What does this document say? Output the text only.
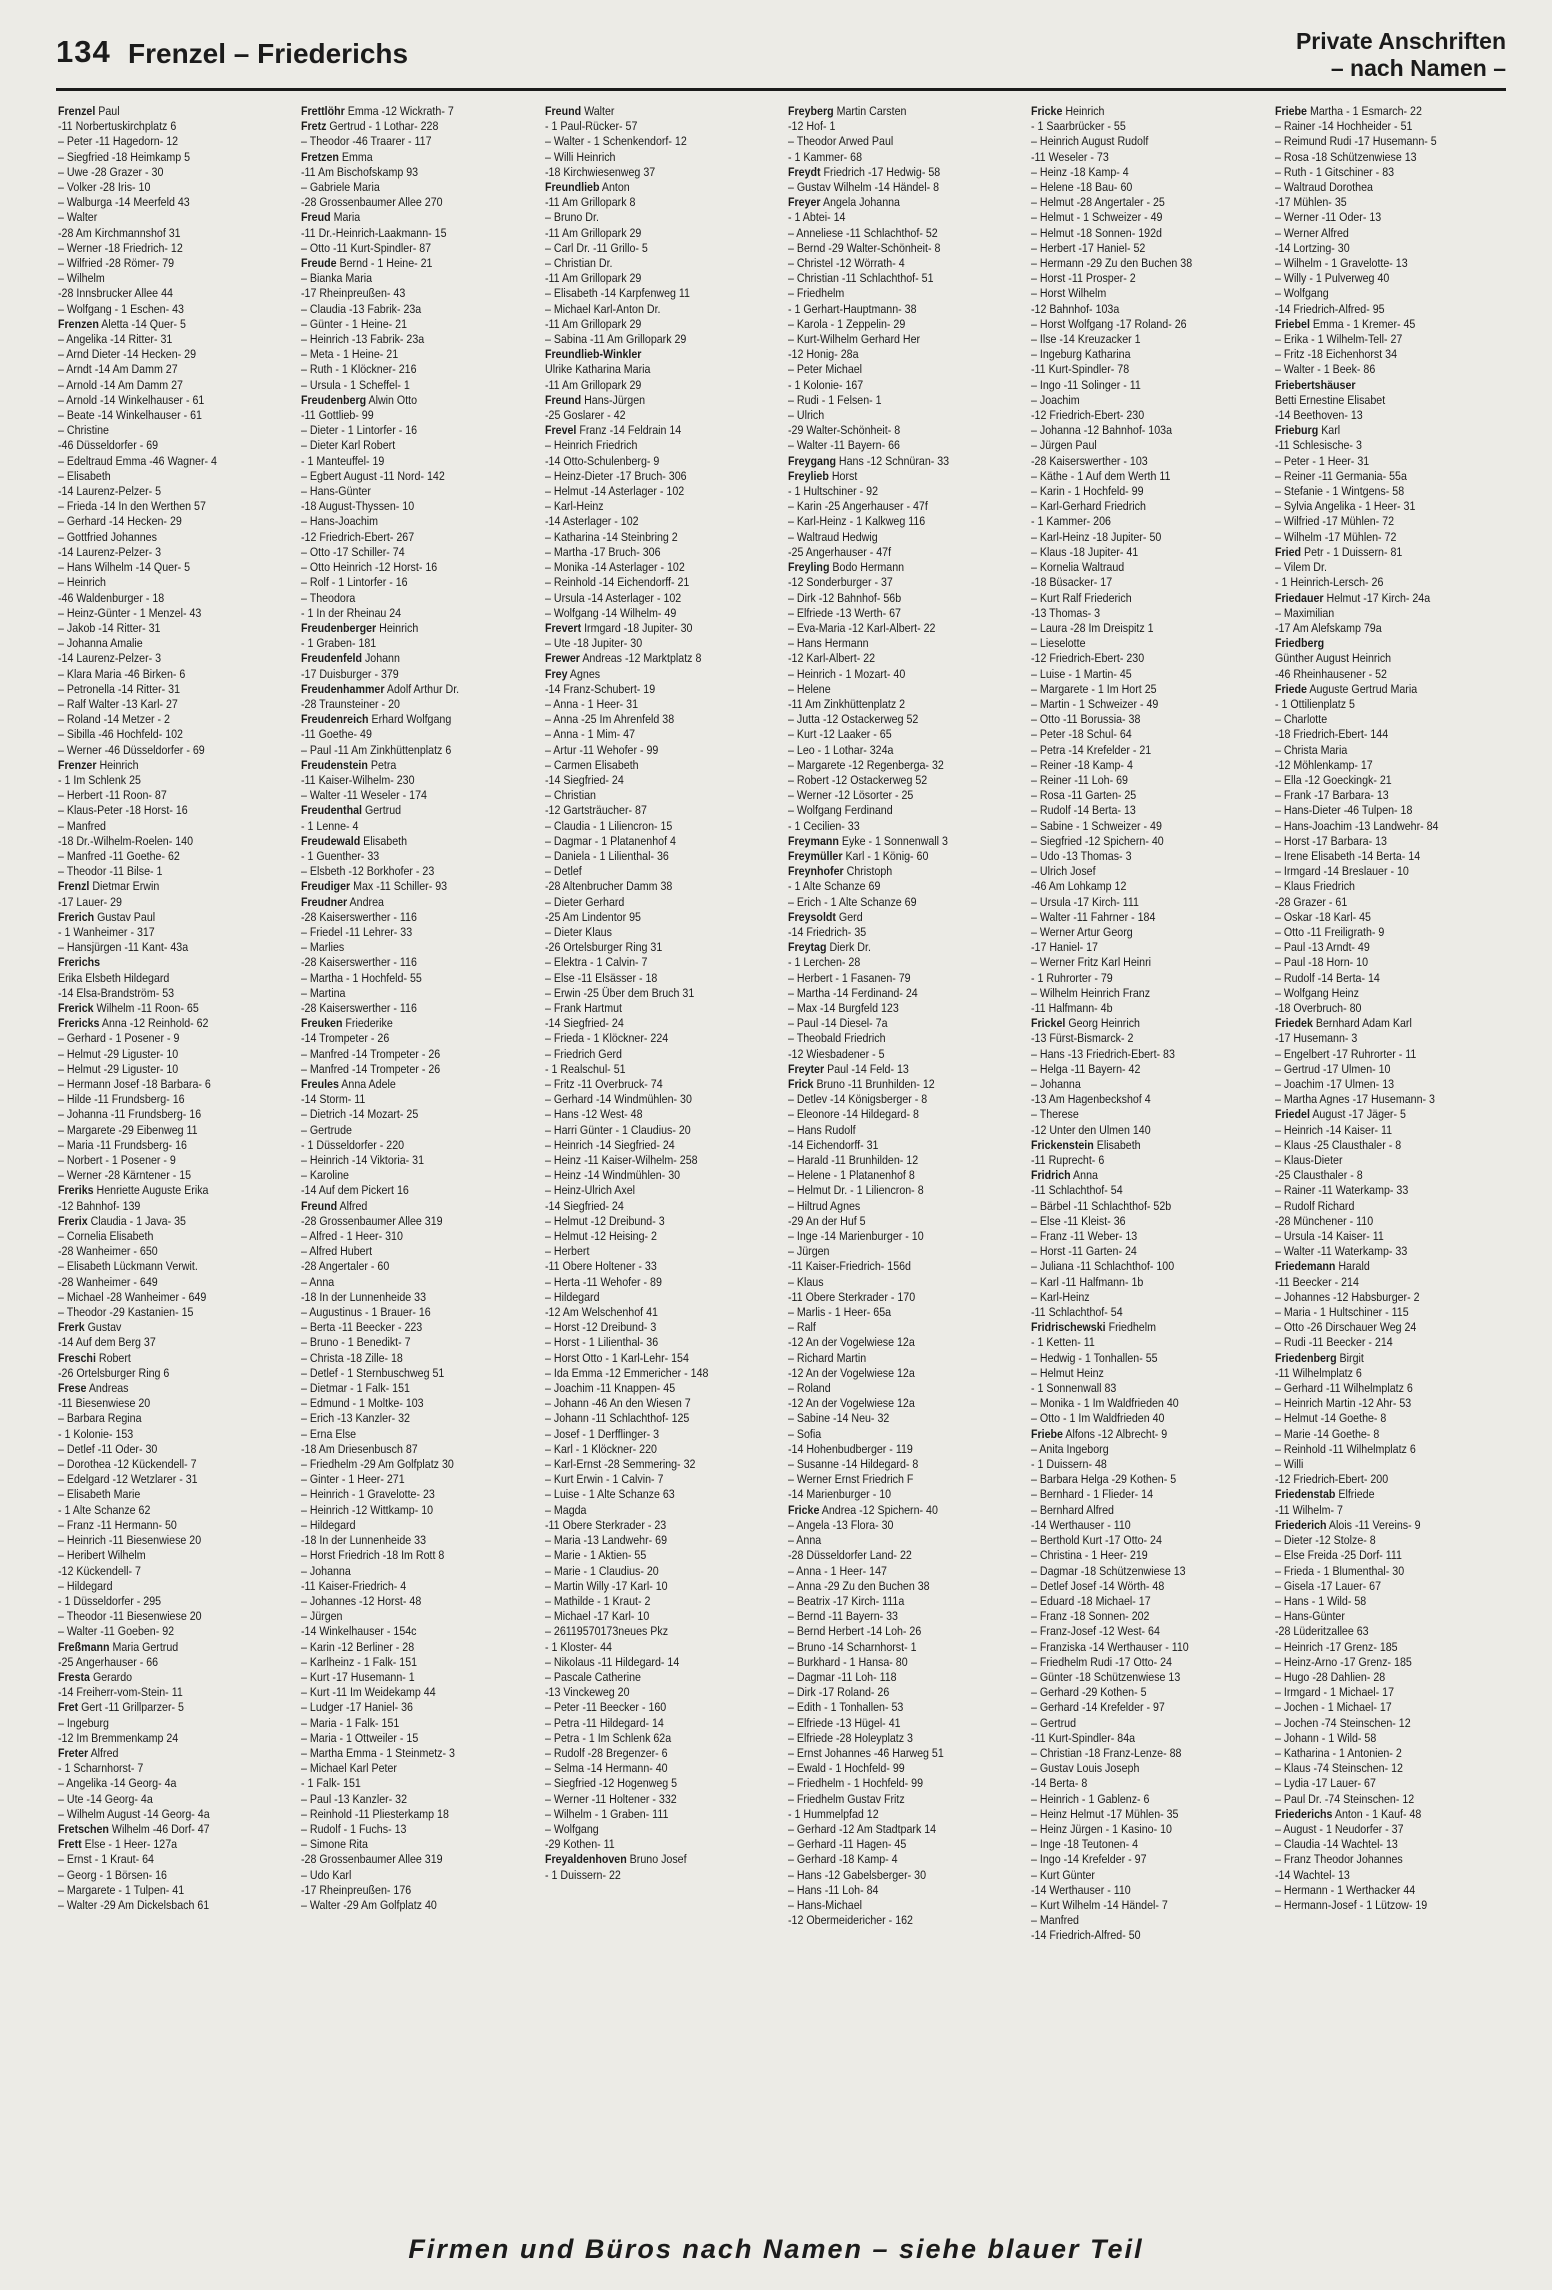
134 Frenzel – Friederichs	Private Anschriften
– nach Namen –
Frenzel Paul
-11 Norbertuskirchplatz 6
– Peter -11 Hagedorn- 12
– Siegfried -18 Heimkamp 5
– Uwe -28 Grazer - 30
– Volker -28 Iris- 10
– Walburga -14 Meerfeld 43
– Walter
-28 Am Kirchmannshof 31
– Werner -18 Friedrich- 12
– Wilfried -28 Römer- 79
– Wilhelm
-28 Innsbrucker Allee 44
– Wolfgang - 1 Eschen- 43
Frenzen Aletta -14 Quer- 5
– Angelika -14 Ritter- 31
– Arnd Dieter -14 Hecken- 29
– Arndt -14 Am Damm 27
– Arnold -14 Am Damm 27
– Arnold -14 Winkelhauser - 61
– Beate -14 Winkelhauser - 61
– Christine
-46 Düsseldorfer - 69
– Edeltraud Emma -46 Wagner- 4
– Elisabeth
-14 Laurenz-Pelzer- 5
– Frieda -14 In den Werthen 57
– Gerhard -14 Hecken- 29
– Gottfried Johannes
-14 Laurenz-Pelzer- 3
– Hans Wilhelm -14 Quer- 5
– Heinrich
-46 Waldenburger - 18
– Heinz-Günter - 1 Menzel- 43
– Jakob -14 Ritter- 31
– Johanna Amalie
-14 Laurenz-Pelzer- 3
– Klara Maria -46 Birken- 6
– Petronella -14 Ritter- 31
– Ralf Walter -13 Karl- 27
– Roland -14 Metzer - 2
– Sibilla -46 Hochfeld- 102
– Werner -46 Düsseldorfer - 69
Frenzer Heinrich
- 1 Im Schlenk 25
– Herbert -11 Roon- 87
– Klaus-Peter -18 Horst- 16
– Manfred
-18 Dr.-Wilhelm-Roelen- 140
– Manfred -11 Goethe- 62
– Theodor -11 Bilse- 1
Frenzl Dietmar Erwin
-17 Lauer- 29
Frerich Gustav Paul
- 1 Wanheimer - 317
– Hansjürgen -11 Kant- 43a
Frerichs
Erika Elsbeth Hildegard
-14 Elsa-Brandström- 53
Frerick Wilhelm -11 Roon- 65
Frericks Anna -12 Reinhold- 62
– Gerhard - 1 Posener - 9
– Helmut -29 Liguster- 10
– Helmut -29 Liguster- 10
– Hermann Josef -18 Barbara- 6
– Hilde -11 Frundsberg- 16
– Johanna -11 Frundsberg- 16
– Margarete -29 Eibenweg 11
– Maria -11 Frundsberg- 16
– Norbert - 1 Posener - 9
– Werner -28 Kärntener - 15
Freriks Henriette Auguste Erika
-12 Bahnhof- 139
Frerix Claudia - 1 Java- 35
– Cornelia Elisabeth
-28 Wanheimer - 650
– Elisabeth Lückmann Verwit.
-28 Wanheimer - 649
– Michael -28 Wanheimer - 649
– Theodor -29 Kastanien- 15
Frerk Gustav
-14 Auf dem Berg 37
Freschi Robert
-26 Ortelsburger Ring 6
Frese Andreas
-11 Biesenwiese 20
– Barbara Regina
- 1 Kolonie- 153
– Detlef -11 Oder- 30
– Dorothea -12 Kückendell- 7
– Edelgard -12 Wetzlarer - 31
– Elisabeth Marie
- 1 Alte Schanze 62
– Franz -11 Hermann- 50
– Heinrich -11 Biesenwiese 20
– Heribert Wilhelm
-12 Kückendell- 7
– Hildegard
- 1 Düsseldorfer - 295
– Theodor -11 Biesenwiese 20
– Walter -11 Goeben- 92
Freßmann Maria Gertrud
-25 Angerhauser - 66
Fresta Gerardo
-14 Freiherr-vom-Stein- 11
Fret Gert -11 Grillparzer- 5
– Ingeburg
-12 Im Bremmenkamp 24
Freter Alfred
- 1 Scharnhorst- 7
– Angelika -14 Georg- 4a
– Ute -14 Georg- 4a
– Wilhelm August -14 Georg- 4a
Fretschen Wilhelm -46 Dorf- 47
Frett Else - 1 Heer- 127a
– Ernst - 1 Kraut- 64
– Georg - 1 Börsen- 16
– Margarete - 1 Tulpen- 41
– Walter -29 Am Dickelsbach 61
Frettlöhr Emma -12 Wickrath- 7
Fretz Gertrud - 1 Lothar- 228
– Theodor -46 Traarer - 117
Fretzen Emma
-11 Am Bischofskamp 93
– Gabriele Maria
-28 Grossenbaumer Allee 270
Freud Maria
-11 Dr.-Heinrich-Laakmann- 15
– Otto -11 Kurt-Spindler- 87
Freude Bernd - 1 Heine- 21
– Bianka Maria
-17 Rheinpreußen- 43
– Claudia -13 Fabrik- 23a
– Günter - 1 Heine- 21
– Heinrich -13 Fabrik- 23a
– Meta - 1 Heine- 21
– Ruth - 1 Klöckner- 216
– Ursula - 1 Scheffel- 1
Freudenberg Alwin Otto
-11 Gottlieb- 99
– Dieter - 1 Lintorfer - 16
– Dieter Karl Robert
- 1 Manteuffel- 19
– Egbert August -11 Nord- 142
– Hans-Günter
-18 August-Thyssen- 10
– Hans-Joachim
-12 Friedrich-Ebert- 267
– Otto -17 Schiller- 74
– Otto Heinrich -12 Horst- 16
– Rolf - 1 Lintorfer - 16
– Theodora
- 1 In der Rheinau 24
Freudenberger Heinrich
- 1 Graben- 181
Freudenfeld Johann
-17 Duisburger - 379
Freudenhammer Adolf Arthur Dr.
-28 Traunsteiner - 20
Freudenreich Erhard Wolfgang
-11 Goethe- 49
– Paul -11 Am Zinkhüttenplatz 6
Freudenstein Petra
-11 Kaiser-Wilhelm- 230
– Walter -11 Weseler - 174
Freudenthal Gertrud
- 1 Lenne- 4
Freudewald Elisabeth
- 1 Guenther- 33
– Elsbeth -12 Borkhofer - 23
Freudiger Max -11 Schiller- 93
Freudner Andrea
-28 Kaiserswerther - 116
– Friedel -11 Lehrer- 33
– Marlies
-28 Kaiserswerther - 116
– Martha - 1 Hochfeld- 55
– Martina
-28 Kaiserswerther - 116
Freuken Friederike
-14 Trompeter - 26
– Manfred -14 Trompeter - 26
– Manfred -14 Trompeter - 26
Freules Anna Adele
-14 Storm- 11
– Dietrich -14 Mozart- 25
– Gertrude
- 1 Düsseldorfer - 220
– Heinrich -14 Viktoria- 31
– Karoline
-14 Auf dem Pickert 16
Freund Alfred
-28 Grossenbaumer Allee 319
– Alfred - 1 Heer- 310
– Alfred Hubert
-28 Angertaler - 60
– Anna
-18 In der Lunnenheide 33
– Augustinus - 1 Brauer- 16
– Berta -11 Beecker - 223
– Bruno - 1 Benedikt- 7
– Christa -18 Zille- 18
– Detlef - 1 Sternbuschweg 51
– Dietmar - 1 Falk- 151
– Edmund - 1 Moltke- 103
– Erich -13 Kanzler- 32
– Erna Else
-18 Am Driesenbusch 87
– Friedhelm -29 Am Golfplatz 30
– Ginter - 1 Heer- 271
– Heinrich - 1 Gravelotte- 23
– Heinrich -12 Wittkamp- 10
– Hildegard
-18 In der Lunnenheide 33
– Horst Friedrich -18 Im Rott 8
– Johanna
-11 Kaiser-Friedrich- 4
– Johannes -12 Horst- 48
– Jürgen
-14 Winkelhauser - 154c
– Karin -12 Berliner - 28
– Karlheinz - 1 Falk- 151
– Kurt -17 Husemann- 1
– Kurt -11 Im Weidekamp 44
– Ludger -17 Haniel- 36
– Maria - 1 Falk- 151
– Maria - 1 Ottweiler - 15
– Martha Emma - 1 Steinmetz- 3
– Michael Karl Peter
- 1 Falk- 151
– Paul -13 Kanzler- 32
– Reinhold -11 Pliesterkamp 18
– Rudolf - 1 Fuchs- 13
– Simone Rita
-28 Grossenbaumer Allee 319
– Udo Karl
-17 Rheinpreußen- 176
– Walter -29 Am Golfplatz 40
Freund Walter
- 1 Paul-Rücker- 57
– Walter - 1 Schenkendorf- 12
– Willi Heinrich
-18 Kirchwiesenweg 37
Freundlieb Anton
-11 Am Grillopark 8
– Bruno Dr.
-11 Am Grillopark 29
– Carl Dr. -11 Grillo- 5
– Christian Dr.
-11 Am Grillopark 29
– Elisabeth -14 Karpfenweg 11
– Michael Karl-Anton Dr.
-11 Am Grillopark 29
– Sabina -11 Am Grillopark 29
Freundlieb-Winkler
Ulrike Katharina Maria
-11 Am Grillopark 29
Freund Hans-Jürgen
-25 Goslarer - 42
Frevel Franz -14 Feldrain 14
– Heinrich Friedrich
-14 Otto-Schulenberg- 9
– Heinz-Dieter -17 Bruch- 306
– Helmut -14 Asterlager - 102
– Karl-Heinz
-14 Asterlager - 102
– Katharina -14 Steinbring 2
– Martha -17 Bruch- 306
– Monika -14 Asterlager - 102
– Reinhold -14 Eichendorff- 21
– Ursula -14 Asterlager - 102
– Wolfgang -14 Wilhelm- 49
Frevert Irmgard -18 Jupiter- 30
– Ute -18 Jupiter- 30
Frewer Andreas -12 Marktplatz 8
Frey Agnes
-14 Franz-Schubert- 19
– Anna - 1 Heer- 31
– Anna -25 Im Ahrenfeld 38
– Anna - 1 Mim- 47
– Artur -11 Wehofer - 99
– Carmen Elisabeth
-14 Siegfried- 24
– Christian
-12 Gartsträucher- 87
– Claudia - 1 Liliencron- 15
– Dagmar - 1 Platanenhof 4
– Daniela - 1 Lilienthal- 36
– Detlef
-28 Altenbrucher Damm 38
– Dieter Gerhard
-25 Am Lindentor 95
– Dieter Klaus
-26 Ortelsburger Ring 31
– Elektra - 1 Calvin- 7
– Else -11 Elsässer - 18
– Erwin -25 Über dem Bruch 31
– Frank Hartmut
-14 Siegfried- 24
– Frieda - 1 Klöckner- 224
– Friedrich Gerd
- 1 Realschul- 51
– Fritz -11 Overbruck- 74
– Gerhard -14 Windmühlen- 30
– Hans -12 West- 48
– Harri Günter - 1 Claudius- 20
– Heinrich -14 Siegfried- 24
– Heinz -11 Kaiser-Wilhelm- 258
– Heinz -14 Windmühlen- 30
– Heinz-Ulrich Axel
-14 Siegfried- 24
– Helmut -12 Dreibund- 3
– Helmut -12 Heising- 2
– Herbert
-11 Obere Holtener - 33
– Herta -11 Wehofer - 89
– Hildegard
-12 Am Welschenhof 41
– Horst -12 Dreibund- 3
– Horst - 1 Lilienthal- 36
– Horst Otto - 1 Karl-Lehr- 154
– Ida Emma -12 Emmericher - 148
– Joachim -11 Knappen- 45
– Johann -46 An den Wiesen 7
– Johann -11 Schlachthof- 125
– Josef - 1 Derfflinger- 3
– Karl - 1 Klöckner- 220
– Karl-Ernst -28 Semmering- 32
– Kurt Erwin - 1 Calvin- 7
– Luise - 1 Alte Schanze 63
– Magda
-11 Obere Sterkrader - 23
– Maria -13 Landwehr- 69
– Marie - 1 Aktien- 55
– Marie - 1 Claudius- 20
– Martin Willy -17 Karl- 10
– Mathilde - 1 Kraut- 2
– Michael -17 Karl- 10
– 26119570173neues Pkz
- 1 Kloster- 44
– Nikolaus -11 Hildegard- 14
– Pascale Catherine
-13 Vinckeweg 20
– Peter -11 Beecker - 160
– Petra -11 Hildegard- 14
– Petra - 1 Im Schlenk 62a
– Rudolf -28 Bregenzer- 6
– Selma -14 Hermann- 40
– Siegfried -12 Hogenweg 5
– Werner -11 Holtener - 332
– Wilhelm - 1 Graben- 111
– Wolfgang
-29 Kothen- 11
Freyaldenhoven Bruno Josef
- 1 Duissern- 22
Freyberg Martin Carsten
-12 Hof- 1
– Theodor Arwed Paul
- 1 Kammer- 68
Freydt Friedrich -17 Hedwig- 58
– Gustav Wilhelm -14 Händel- 8
Freyer Angela Johanna
- 1 Abtei- 14
– Anneliese -11 Schlachthof- 52
– Bernd -29 Walter-Schönheit- 8
– Christel -12 Wörrath- 4
– Christian -11 Schlachthof- 51
– Friedhelm
- 1 Gerhart-Hauptmann- 38
– Karola - 1 Zeppelin- 29
– Kurt-Wilhelm Gerhard Her
-12 Honig- 28a
– Peter Michael
- 1 Kolonie- 167
– Rudi - 1 Felsen- 1
– Ulrich
-29 Walter-Schönheit- 8
– Walter -11 Bayern- 66
Freygang Hans -12 Schnüran- 33
Freylieb Horst
- 1 Hultschiner - 92
– Karin -25 Angerhauser - 47f
– Karl-Heinz - 1 Kalkweg 116
– Waltraud Hedwig
-25 Angerhauser - 47f
Freyling Bodo Hermann
-12 Sonderburger - 37
– Dirk -12 Bahnhof- 56b
– Elfriede -13 Werth- 67
– Eva-Maria -12 Karl-Albert- 22
– Hans Hermann
-12 Karl-Albert- 22
– Heinrich - 1 Mozart- 40
– Helene
-11 Am Zinkhüttenplatz 2
– Jutta -12 Ostackerweg 52
– Kurt -12 Laaker - 65
– Leo - 1 Lothar- 324a
– Margarete -12 Regenberga- 32
– Robert -12 Ostackerweg 52
– Werner -12 Lösorter - 25
– Wolfgang Ferdinand
- 1 Cecilien- 33
Freymann Eyke - 1 Sonnenwall 3
Freymüller Karl - 1 König- 60
Freynhofer Christoph
- 1 Alte Schanze 69
– Erich - 1 Alte Schanze 69
Freysoldt Gerd
-14 Friedrich- 35
Freytag Dierk Dr.
- 1 Lerchen- 28
– Herbert - 1 Fasanen- 79
– Martha -14 Ferdinand- 24
– Max -14 Burgfeld 123
– Paul -14 Diesel- 7a
– Theobald Friedrich
-12 Wiesbadener - 5
Freyter Paul -14 Feld- 13
Frick Bruno -11 Brunhilden- 12
– Detlev -14 Königsberger - 8
– Eleonore -14 Hildegard- 8
– Hans Rudolf
-14 Eichendorff- 31
– Harald -11 Brunhilden- 12
– Helene - 1 Platanenhof 8
– Helmut Dr. - 1 Liliencron- 8
– Hiltrud Agnes
-29 An der Huf 5
– Inge -14 Marienburger - 10
– Jürgen
-11 Kaiser-Friedrich- 156d
– Klaus
-11 Obere Sterkrader - 170
– Marlis - 1 Heer- 65a
– Ralf
-12 An der Vogelwiese 12a
– Richard Martin
-12 An der Vogelwiese 12a
– Roland
-12 An der Vogelwiese 12a
– Sabine -14 Neu- 32
– Sofia
-14 Hohenbudberger - 119
– Susanne -14 Hildegard- 8
– Werner Ernst Friedrich F
-14 Marienburger - 10
Fricke Andrea -12 Spichern- 40
– Angela -13 Flora- 30
– Anna
-28 Düsseldorfer Land- 22
– Anna - 1 Heer- 147
– Anna -29 Zu den Buchen 38
– Beatrix -17 Kirch- 111a
– Bernd -11 Bayern- 33
– Bernd Herbert -14 Loh- 26
– Bruno -14 Scharnhorst- 1
– Burkhard - 1 Hansa- 80
– Dagmar -11 Loh- 118
– Dirk -17 Roland- 26
– Edith - 1 Tonhallen- 53
– Elfriede -13 Hügel- 41
– Elfriede -28 Holeyplatz 3
– Ernst Johannes -46 Harweg 51
– Ewald - 1 Hochfeld- 99
– Friedhelm - 1 Hochfeld- 99
– Friedhelm Gustav Fritz
- 1 Hummelpfad 12
– Gerhard -12 Am Stadtpark 14
– Gerhard -11 Hagen- 45
– Gerhard -18 Kamp- 4
– Hans -12 Gabelsberger- 30
– Hans -11 Loh- 84
– Hans-Michael
-12 Obermeidericher - 162
Fricke Heinrich
- 1 Saarbrücker - 55
– Heinrich August Rudolf
-11 Weseler - 73
– Heinz -18 Kamp- 4
– Helene -18 Bau- 60
– Helmut -28 Angertaler - 25
– Helmut - 1 Schweizer - 49
– Helmut -18 Sonnen- 192d
– Herbert -17 Haniel- 52
– Hermann -29 Zu den Buchen 38
– Horst -11 Prosper- 2
– Horst Wilhelm
-12 Bahnhof- 103a
– Horst Wolfgang -17 Roland- 26
– Ilse -14 Kreuzacker 1
– Ingeburg Katharina
-11 Kurt-Spindler- 78
– Ingo -11 Solinger - 11
– Joachim
-12 Friedrich-Ebert- 230
– Johanna -12 Bahnhof- 103a
– Jürgen Paul
-28 Kaiserswerther - 103
– Käthe - 1 Auf dem Werth 11
– Karin - 1 Hochfeld- 99
– Karl-Gerhard Friedrich
- 1 Kammer- 206
– Karl-Heinz -18 Jupiter- 50
– Klaus -18 Jupiter- 41
– Kornelia Waltraud
-18 Büsacker- 17
– Kurt Ralf Friederich
-13 Thomas- 3
– Laura -28 Im Dreispitz 1
– Lieselotte
-12 Friedrich-Ebert- 230
– Luise - 1 Martin- 45
– Margarete - 1 Im Hort 25
– Martin - 1 Schweizer - 49
– Otto -11 Borussia- 38
– Peter -18 Schul- 64
– Petra -14 Krefelder - 21
– Reiner -18 Kamp- 4
– Reiner -11 Loh- 69
– Rosa -11 Garten- 25
– Rudolf -14 Berta- 13
– Sabine - 1 Schweizer - 49
– Siegfried -12 Spichern- 40
– Udo -13 Thomas- 3
– Ulrich Josef
-46 Am Lohkamp 12
– Ursula -17 Kirch- 111
– Walter -11 Fahrner - 184
– Werner Artur Georg
-17 Haniel- 17
– Werner Fritz Karl Heinri
- 1 Ruhrorter - 79
– Wilhelm Heinrich Franz
-11 Halfmann- 4b
Frickel Georg Heinrich
-13 Fürst-Bismarck- 2
– Hans -13 Friedrich-Ebert- 83
– Helga -11 Bayern- 42
– Johanna
-13 Am Hagenbeckshof 4
– Therese
-12 Unter den Ulmen 140
Frickenstein Elisabeth
-11 Ruprecht- 6
Fridrich Anna
-11 Schlachthof- 54
– Bärbel -11 Schlachthof- 52b
– Else -11 Kleist- 36
– Franz -11 Weber- 13
– Horst -11 Garten- 24
– Juliana -11 Schlachthof- 100
– Karl -11 Halfmann- 1b
– Karl-Heinz
-11 Schlachthof- 54
Fridrischewski Friedhelm
- 1 Ketten- 11
– Hedwig - 1 Tonhallen- 55
– Helmut Heinz
- 1 Sonnenwall 83
– Monika - 1 Im Waldfrieden 40
– Otto - 1 Im Waldfrieden 40
Friebe Alfons -12 Albrecht- 9
– Anita Ingeborg
- 1 Duissern- 48
– Barbara Helga -29 Kothen- 5
– Bernhard - 1 Flieder- 14
– Bernhard Alfred
-14 Werthauser - 110
– Berthold Kurt -17 Otto- 24
– Christina - 1 Heer- 219
– Dagmar -18 Schützenwiese 13
– Detlef Josef -14 Wörth- 48
– Eduard -18 Michael- 17
– Franz -18 Sonnen- 202
– Franz-Josef -12 West- 64
– Franziska -14 Werthauser - 110
– Friedhelm Rudi -17 Otto- 24
– Günter -18 Schützenwiese 13
– Gerhard -29 Kothen- 5
– Gerhard -14 Krefelder - 97
– Gertrud
-11 Kurt-Spindler- 84a
– Christian -18 Franz-Lenze- 88
– Gustav Louis Joseph
-14 Berta- 8
– Heinrich - 1 Gablenz- 6
– Heinz Helmut -17 Mühlen- 35
– Heinz Jürgen - 1 Kasino- 10
– Inge -18 Teutonen- 4
– Ingo -14 Krefelder - 97
– Kurt Günter
-14 Werthauser - 110
– Kurt Wilhelm -14 Händel- 7
– Manfred
-14 Friedrich-Alfred- 50
Friebe Martha - 1 Esmarch- 22
– Rainer -14 Hochheider - 51
– Reimund Rudi -17 Husemann- 5
– Rosa -18 Schützenwiese 13
– Ruth - 1 Gitschiner - 83
– Waltraud Dorothea
-17 Mühlen- 35
– Werner -11 Oder- 13
– Werner Alfred
-14 Lortzing- 30
– Wilhelm - 1 Gravelotte- 13
– Willy - 1 Pulverweg 40
– Wolfgang
-14 Friedrich-Alfred- 95
Friebel Emma - 1 Kremer- 45
– Erika - 1 Wilhelm-Tell- 27
– Fritz -18 Eichenhorst 34
– Walter - 1 Beek- 86
Friebertshäuser
Betti Ernestine Elisabet
-14 Beethoven- 13
Frieburg Karl
-11 Schlesische- 3
– Peter - 1 Heer- 31
– Reiner -11 Germania- 55a
– Stefanie - 1 Wintgens- 58
– Sylvia Angelika - 1 Heer- 31
– Wilfried -17 Mühlen- 72
– Wilhelm -17 Mühlen- 72
Fried Petr - 1 Duissern- 81
– Vilem Dr.
- 1 Heinrich-Lersch- 26
Friedauer Helmut -17 Kirch- 24a
– Maximilian
-17 Am Alefskamp 79a
Friedberg
Günther August Heinrich
-46 Rheinhausener - 52
Friede Auguste Gertrud Maria
- 1 Ottilienplatz 5
– Charlotte
-18 Friedrich-Ebert- 144
– Christa Maria
-12 Möhlenkamp- 17
– Ella -12 Goeckingk- 21
– Frank -17 Barbara- 13
– Hans-Dieter -46 Tulpen- 18
– Hans-Joachim -13 Landwehr- 84
– Horst -17 Barbara- 13
– Irene Elisabeth -14 Berta- 14
– Irmgard -14 Breslauer - 10
– Klaus Friedrich
-28 Grazer - 61
– Oskar -18 Karl- 45
– Otto -11 Freiligrath- 9
– Paul -13 Arndt- 49
– Paul -18 Horn- 10
– Rudolf -14 Berta- 14
– Wolfgang Heinz
-18 Overbruch- 80
Friedek Bernhard Adam Karl
-17 Husemann- 3
– Engelbert -17 Ruhrorter - 11
– Gertrud -17 Ulmen- 10
– Joachim -17 Ulmen- 13
– Martha Agnes -17 Husemann- 3
Friedel August -17 Jäger- 5
– Heinrich -14 Kaiser- 11
– Klaus -25 Clausthaler - 8
– Klaus-Dieter
-25 Clausthaler - 8
– Rainer -11 Waterkamp- 33
– Rudolf Richard
-28 Münchener - 110
– Ursula -14 Kaiser- 11
– Walter -11 Waterkamp- 33
Friedemann Harald
-11 Beecker - 214
– Johannes -12 Habsburger- 2
– Maria - 1 Hultschiner - 115
– Otto -26 Dirschauer Weg 24
– Rudi -11 Beecker - 214
Friedenberg Birgit
-11 Wilhelmplatz 6
– Gerhard -11 Wilhelmplatz 6
– Heinrich Martin -12 Ahr- 53
– Helmut -14 Goethe- 8
– Marie -14 Goethe- 8
– Reinhold -11 Wilhelmplatz 6
– Willi
-12 Friedrich-Ebert- 200
Friedenstab Elfriede
-11 Wilhelm- 7
Friederich Alois -11 Vereins- 9
– Dieter -12 Stolze- 8
– Else Freida -25 Dorf- 111
– Frieda - 1 Blumenthal- 30
– Gisela -17 Lauer- 67
– Hans - 1 Wild- 58
– Hans-Günter
-28 Lüderitzallee 63
– Heinrich -17 Grenz- 185
– Heinz-Arno -17 Grenz- 185
– Hugo -28 Dahlien- 28
– Irmgard - 1 Michael- 17
– Jochen - 1 Michael- 17
– Jochen -74 Steinschen- 12
– Johann - 1 Wild- 58
– Katharina - 1 Antonien- 2
– Klaus -74 Steinschen- 12
– Lydia -17 Lauer- 67
– Paul Dr. -74 Steinschen- 12
Friederichs Anton - 1 Kauf- 48
– August - 1 Neudorfer - 37
– Claudia -14 Wachtel- 13
– Franz Theodor Johannes
-14 Wachtel- 13
– Hermann - 1 Werthacker 44
– Hermann-Josef - 1 Lützow- 19
Firmen und Büros nach Namen – siehe blauer Teil
